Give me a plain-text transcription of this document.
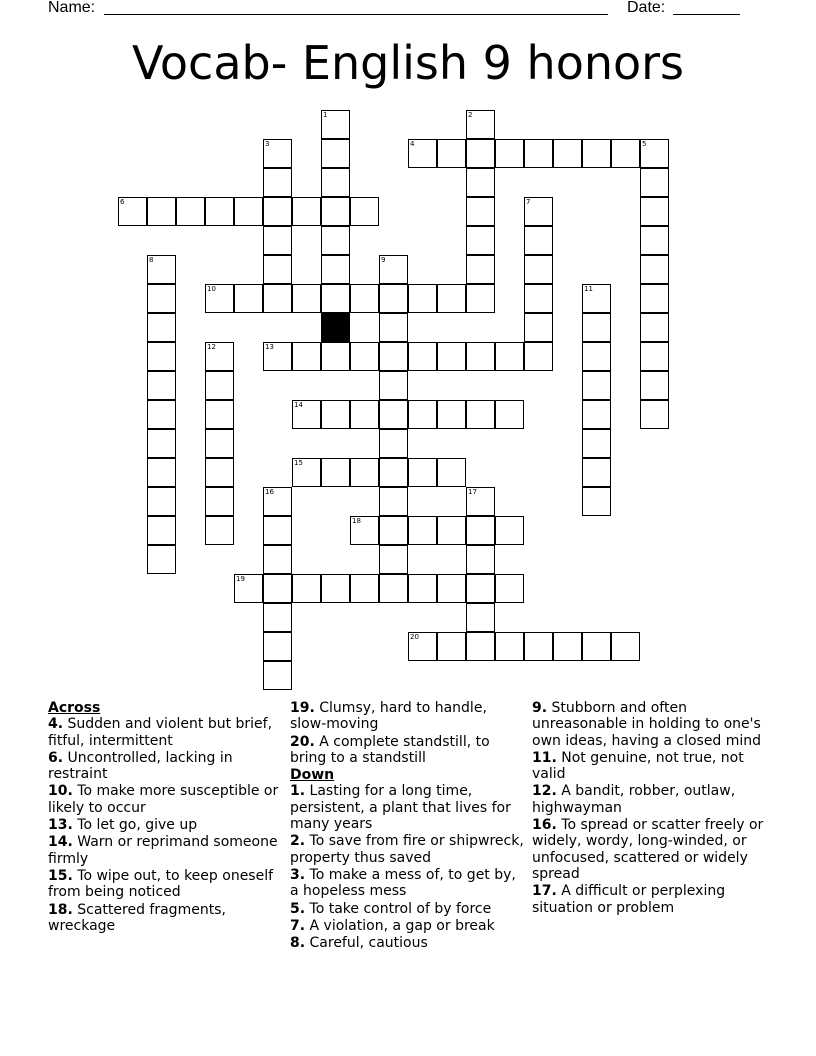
Name:	Date:
Vocab- English 9 honors
1	2
3	4	5
6	7
8	9
10	11
12	13
14
15
16	17
18
19
20
Across
4. Sudden and violent but brief, fitful, intermittent
6. Uncontrolled, lacking in restraint
10. To make more susceptible or likely to occur
13. To let go, give up
14. Warn or reprimand someone firmly
15. To wipe out, to keep oneself from being noticed
18. Scattered fragments, wreckage
19. Clumsy, hard to handle, slow-moving
20. A complete standstill, to bring to a standstill
Down
1. Lasting for a long time, persistent, a plant that lives for many years
2. To save from fire or shipwreck, property thus saved
3. To make a mess of, to get by, a hopeless mess
5. To take control of by force
7. A violation, a gap or break
8. Careful, cautious
9. Stubborn and often unreasonable in holding to one's own ideas, having a closed mind
11. Not genuine, not true, not valid
12. A bandit, robber, outlaw, highwayman
16. To spread or scatter freely or widely, wordy, long-winded, or unfocused, scattered or widely spread
17. A difficult or perplexing situation or problem
